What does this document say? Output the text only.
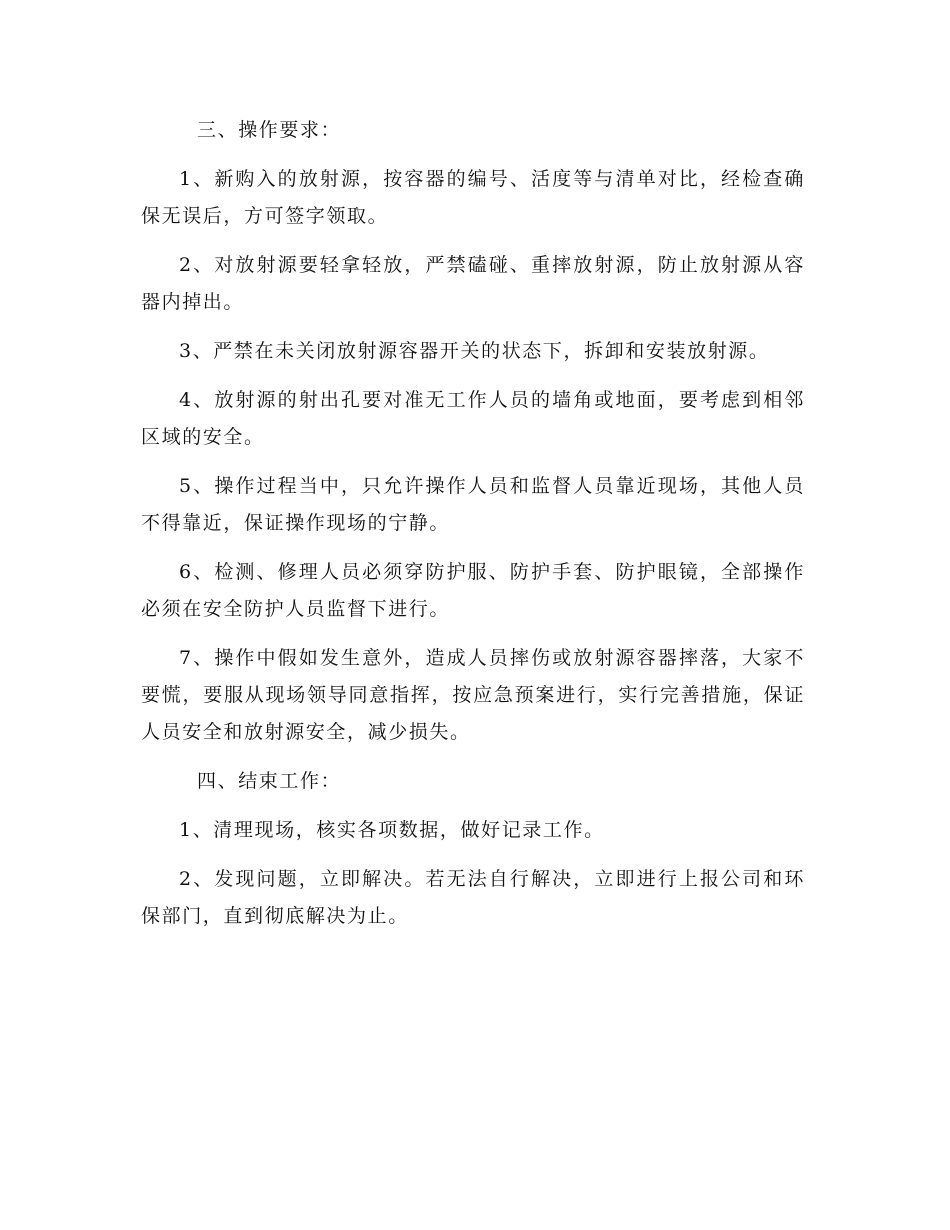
三、操作要求：

1、新购入的放射源，按容器的编号、活度等与清单对比，经检查确保无误后，方可签字领取。

2、对放射源要轻拿轻放，严禁磕碰、重摔放射源，防止放射源从容器内掉出。

3、严禁在未关闭放射源容器开关的状态下，拆卸和安装放射源。

4、放射源的射出孔要对准无工作人员的墙角或地面，要考虑到相邻区域的安全。

5、操作过程当中，只允许操作人员和监督人员靠近现场，其他人员不得靠近，保证操作现场的宁静。

6、检测、修理人员必须穿防护服、防护手套、防护眼镜，全部操作必须在安全防护人员监督下进行。

7、操作中假如发生意外，造成人员摔伤或放射源容器摔落，大家不要慌，要服从现场领导同意指挥，按应急预案进行，实行完善措施，保证人员安全和放射源安全，减少损失。

四、结束工作：

1、清理现场，核实各项数据，做好记录工作。

2、发现问题，立即解决。若无法自行解决，立即进行上报公司和环保部门，直到彻底解决为止。
